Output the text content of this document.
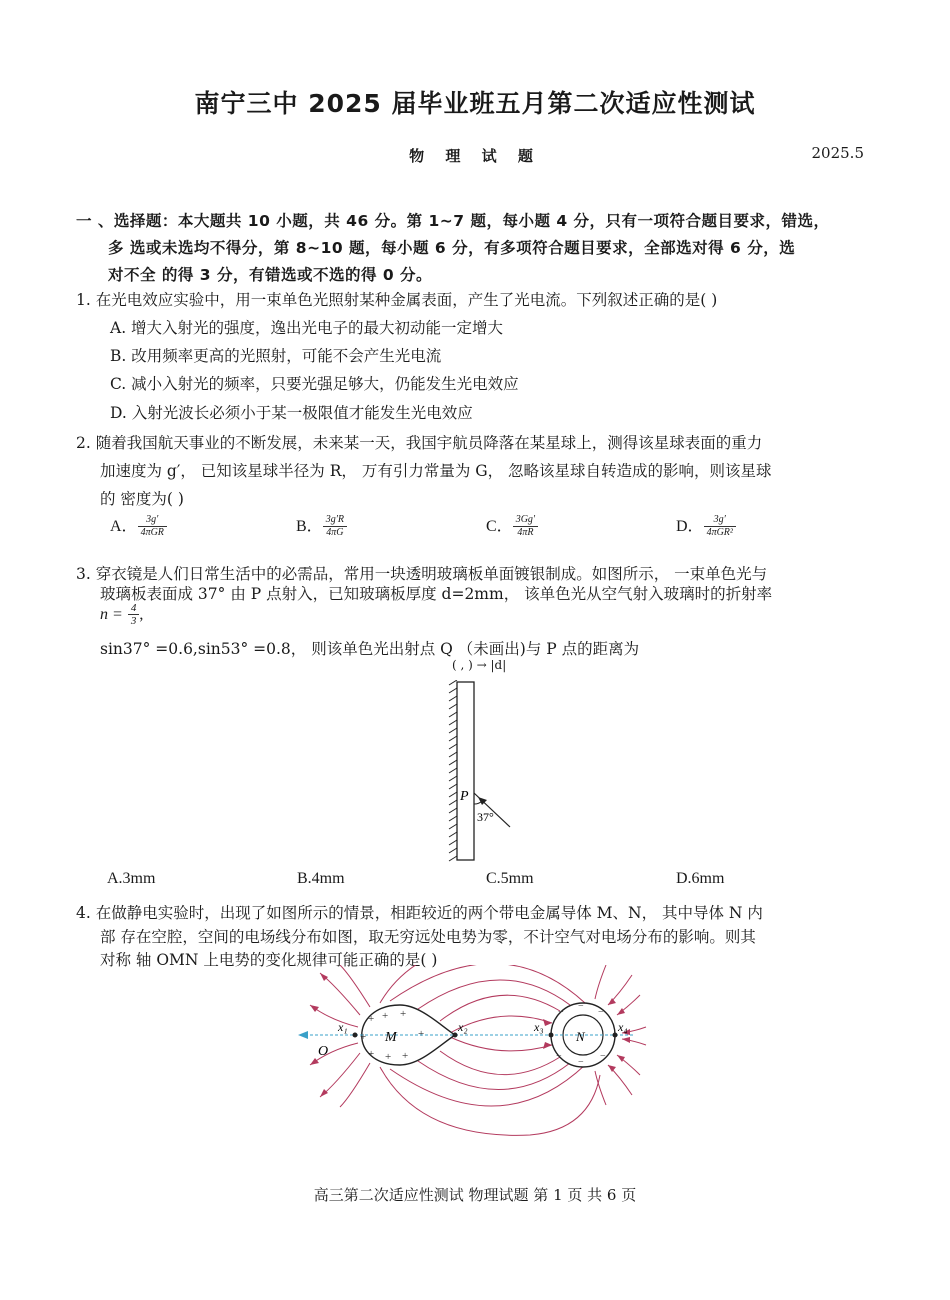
南宁三中 2025 届毕业班五月第二次适应性测试
物 理 试 题	2025.5
一 、选择题：本大题共 10 小题，共 46 分。第 1~7 题，每小题 4 分，只有一项符合题目要求，错选，
多 选或未选均不得分，第 8~10 题，每小题 6 分，有多项符合题目要求，全部选对得 6 分，选
对不全 的得 3 分，有错选或不选的得 0 分。
1. 在光电效应实验中，用一束单色光照射某种金属表面，产生了光电流。下列叙述正确的是( )
A. 增大入射光的强度，逸出光电子的最大初动能一定增大
B. 改用频率更高的光照射，可能不会产生光电流
C. 减小入射光的频率，只要光强足够大，仍能发生光电效应
D. 入射光波长必须小于某一极限值才能发生光电效应
2. 随着我国航天事业的不断发展，未来某一天，我国宇航员降落在某星球上，测得该星球表面的重力
加速度为 g′， 已知该星球半径为 R， 万有引力常量为 G， 忽略该星球自转造成的影响，则该星球
的 密度为( )
A． $\frac{3g'}{\text{4πGR}}$	B． $\frac{3g'R}{4\pi G}$	C． $\frac{3Gg'}{4\pi R}$	D． $\frac{3g'}{\text{4πGR²}}$
3. 穿衣镜是人们日常生活中的必需品，常用一块透明玻璃板单面镀银制成。如图所示， 一束单色光与
玻璃板表面成 37° 由 P 点射入，已知玻璃板厚度 d=2mm， 该单色光从空气射入玻璃时的折射率
$n = \frac{4}{3}$ ,
sin37° =0.6,sin53° =0.8， 则该单色光出射点 Q （未画出)与 P 点的距离为
( , ) → |d|
P
37°
A.3mm	B.4mm	C.5mm	D.6mm
4. 在做静电实验时，出现了如图所示的情景，相距较近的两个带电金属导体 M、N， 其中导体 N 内
部 存在空腔，空间的电场线分布如图，取无穷远处电势为零，不计空气对电场分布的影响。则其
对称 轴 OMN 上电势的变化规律可能正确的是( )
+ + +
+	+
+ + +
−
−
−
−
−
−
O
M	N
x₁	x₂	x₃	x₄
高三第二次适应性测试 物理试题 第 1 页 共 6 页
